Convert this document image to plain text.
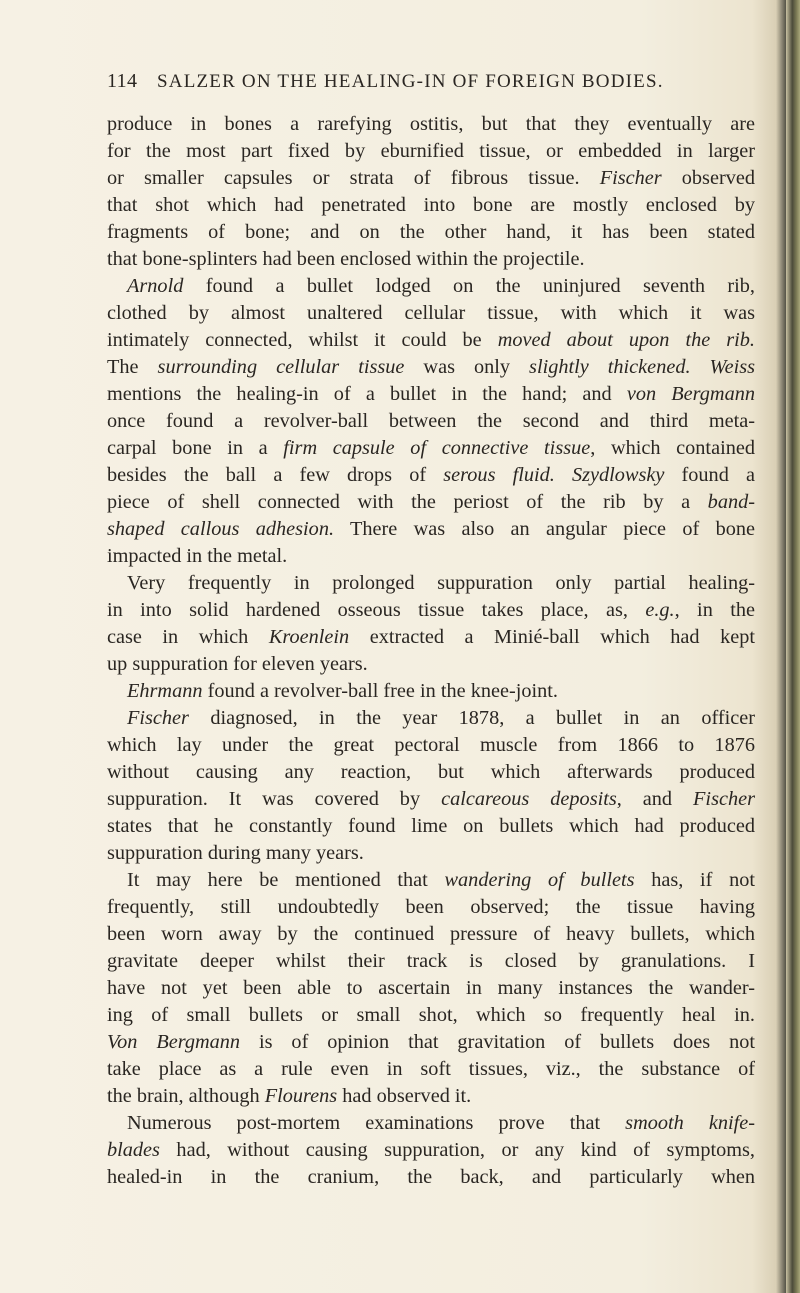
114 SALZER ON THE HEALING-IN OF FOREIGN BODIES.
produce in bones a rarefying ostitis, but that they eventually are
for the most part fixed by eburnified tissue, or embedded in larger
or smaller capsules or strata of fibrous tissue. Fischer observed
that shot which had penetrated into bone are mostly enclosed by
fragments of bone; and on the other hand, it has been stated
that bone-splinters had been enclosed within the projectile.
Arnold found a bullet lodged on the uninjured seventh rib,
clothed by almost unaltered cellular tissue, with which it was
intimately connected, whilst it could be moved about upon the rib.
The surrounding cellular tissue was only slightly thickened. Weiss
mentions the healing-in of a bullet in the hand; and von Bergmann
once found a revolver-ball between the second and third meta-
carpal bone in a firm capsule of connective tissue, which contained
besides the ball a few drops of serous fluid. Szydlowsky found a
piece of shell connected with the periost of the rib by a band-
shaped callous adhesion. There was also an angular piece of bone
impacted in the metal.
Very frequently in prolonged suppuration only partial healing-
in into solid hardened osseous tissue takes place, as, e.g., in the
case in which Kroenlein extracted a Minié-ball which had kept
up suppuration for eleven years.
Ehrmann found a revolver-ball free in the knee-joint.
Fischer diagnosed, in the year 1878, a bullet in an officer
which lay under the great pectoral muscle from 1866 to 1876
without causing any reaction, but which afterwards produced
suppuration. It was covered by calcareous deposits, and Fischer
states that he constantly found lime on bullets which had produced
suppuration during many years.
It may here be mentioned that wandering of bullets has, if not
frequently, still undoubtedly been observed; the tissue having
been worn away by the continued pressure of heavy bullets, which
gravitate deeper whilst their track is closed by granulations. I
have not yet been able to ascertain in many instances the wander-
ing of small bullets or small shot, which so frequently heal in.
Von Bergmann is of opinion that gravitation of bullets does not
take place as a rule even in soft tissues, viz., the substance of
the brain, although Flourens had observed it.
Numerous post-mortem examinations prove that smooth knife-
blades had, without causing suppuration, or any kind of symptoms,
healed-in in the cranium, the back, and particularly when
